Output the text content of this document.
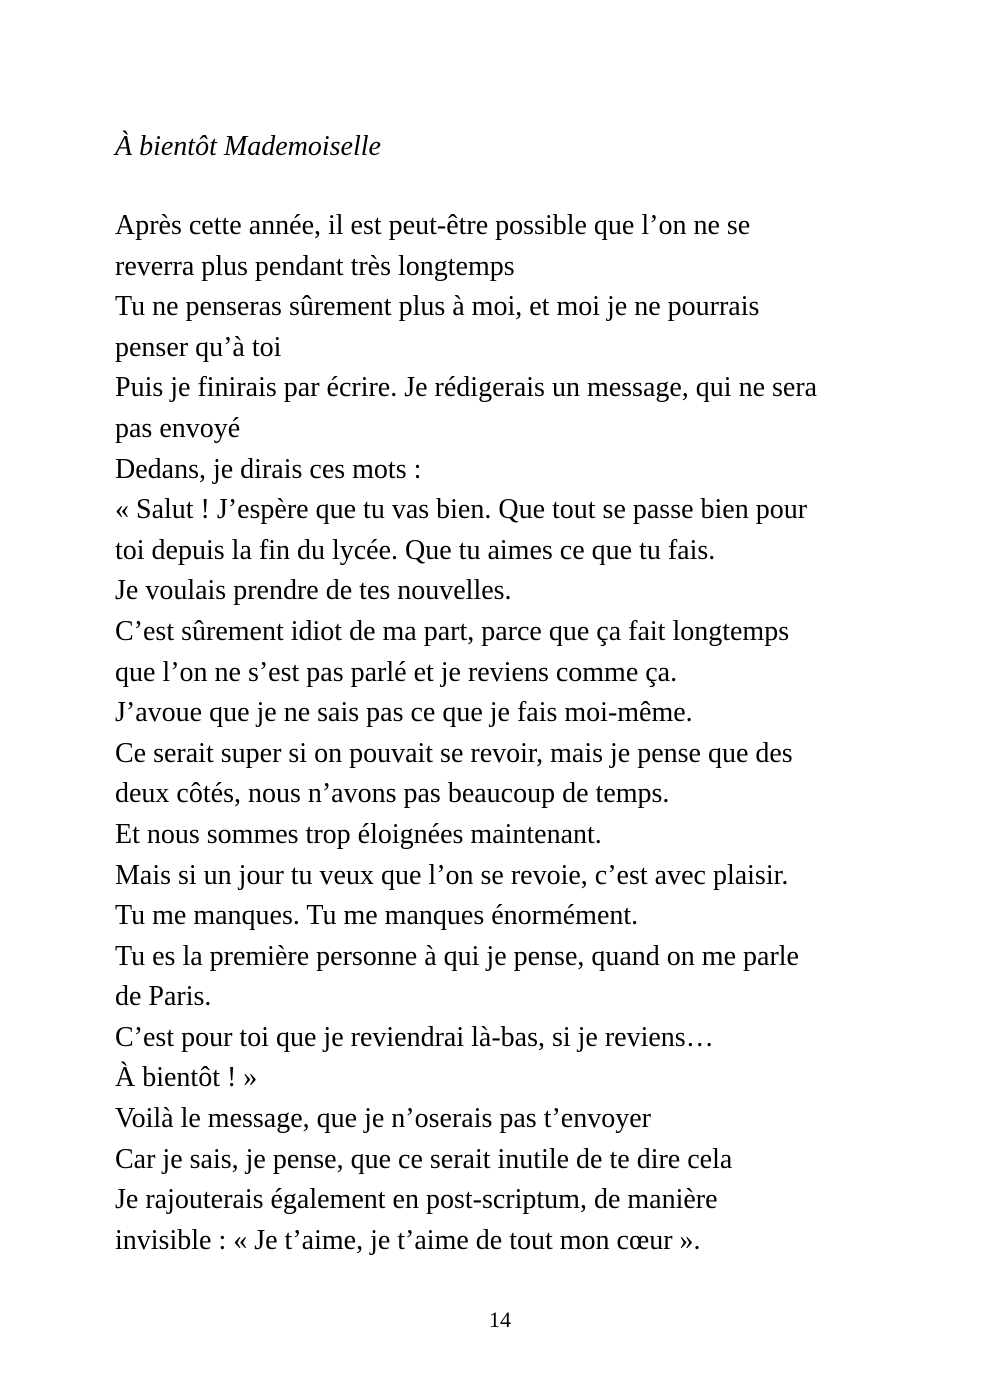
À bientôt Mademoiselle
Après cette année, il est peut-être possible que l’on ne se
reverra plus pendant très longtemps
Tu ne penseras sûrement plus à moi, et moi je ne pourrais
penser qu’à toi
Puis je finirais par écrire. Je rédigerais un message, qui ne sera
pas envoyé
Dedans, je dirais ces mots :
« Salut ! J’espère que tu vas bien. Que tout se passe bien pour
toi depuis la fin du lycée. Que tu aimes ce que tu fais.
Je voulais prendre de tes nouvelles.
C’est sûrement idiot de ma part, parce que ça fait longtemps
que l’on ne s’est pas parlé et je reviens comme ça.
J’avoue que je ne sais pas ce que je fais moi-même.
Ce serait super si on pouvait se revoir, mais je pense que des
deux côtés, nous n’avons pas beaucoup de temps.
Et nous sommes trop éloignées maintenant.
Mais si un jour tu veux que l’on se revoie, c’est avec plaisir.
Tu me manques. Tu me manques énormément.
Tu es la première personne à qui je pense, quand on me parle
de Paris.
C’est pour toi que je reviendrai là-bas, si je reviens…
À bientôt ! »
Voilà le message, que je n’oserais pas t’envoyer
Car je sais, je pense, que ce serait inutile de te dire cela
Je rajouterais également en post-scriptum, de manière
invisible : « Je t’aime, je t’aime de tout mon cœur ».
14
